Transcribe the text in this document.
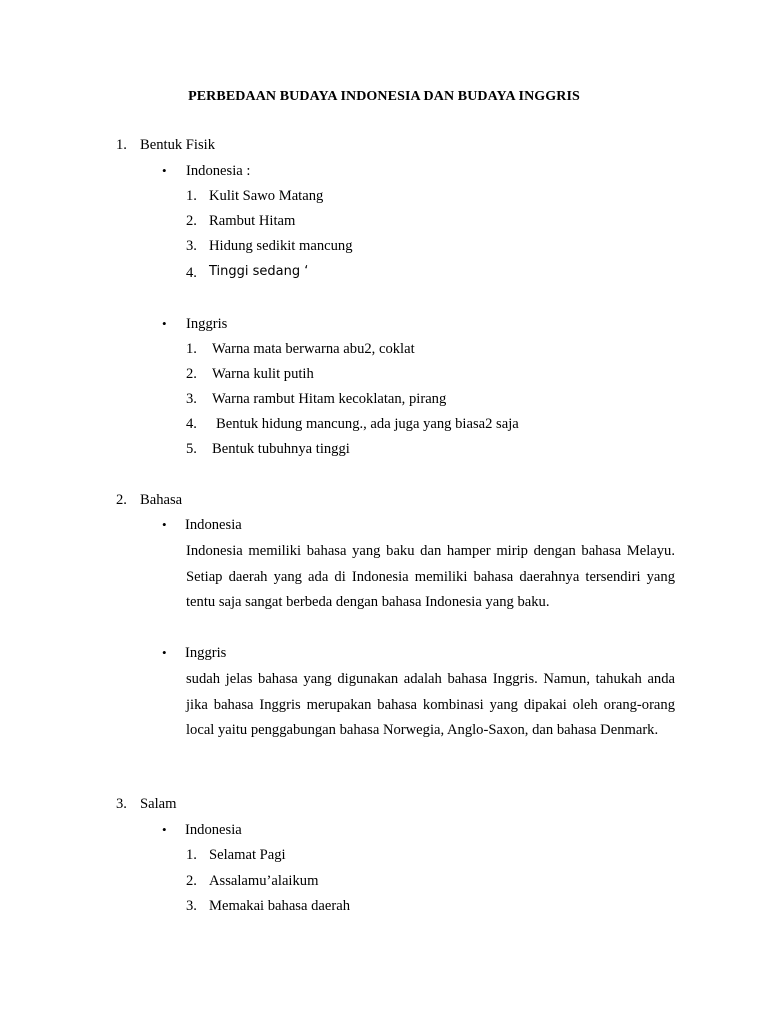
PERBEDAAN BUDAYA INDONESIA DAN BUDAYA INGGRIS
1. Bentuk Fisik
• Indonesia :
1. Kulit Sawo Matang
2. Rambut Hitam
3. Hidung sedikit mancung
4. Tinggi sedang ‘
• Inggris
1. Warna mata berwarna abu2, coklat
2. Warna kulit putih
3. Warna rambut Hitam kecoklatan, pirang
4. Bentuk hidung mancung., ada juga yang biasa2 saja
5. Bentuk tubuhnya tinggi
2. Bahasa
• Indonesia
Indonesia memiliki bahasa yang baku dan hamper mirip dengan bahasa Melayu. Setiap daerah yang ada di Indonesia memiliki bahasa daerahnya tersendiri yang tentu saja sangat berbeda dengan bahasa Indonesia yang baku.
• Inggris
sudah jelas bahasa yang digunakan adalah bahasa Inggris. Namun, tahukah anda jika bahasa Inggris merupakan bahasa kombinasi yang dipakai oleh orang-orang local yaitu penggabungan bahasa Norwegia, Anglo-Saxon, dan bahasa Denmark.
3. Salam
• Indonesia
1. Selamat Pagi
2. Assalamu’alaikum
3. Memakai bahasa daerah
